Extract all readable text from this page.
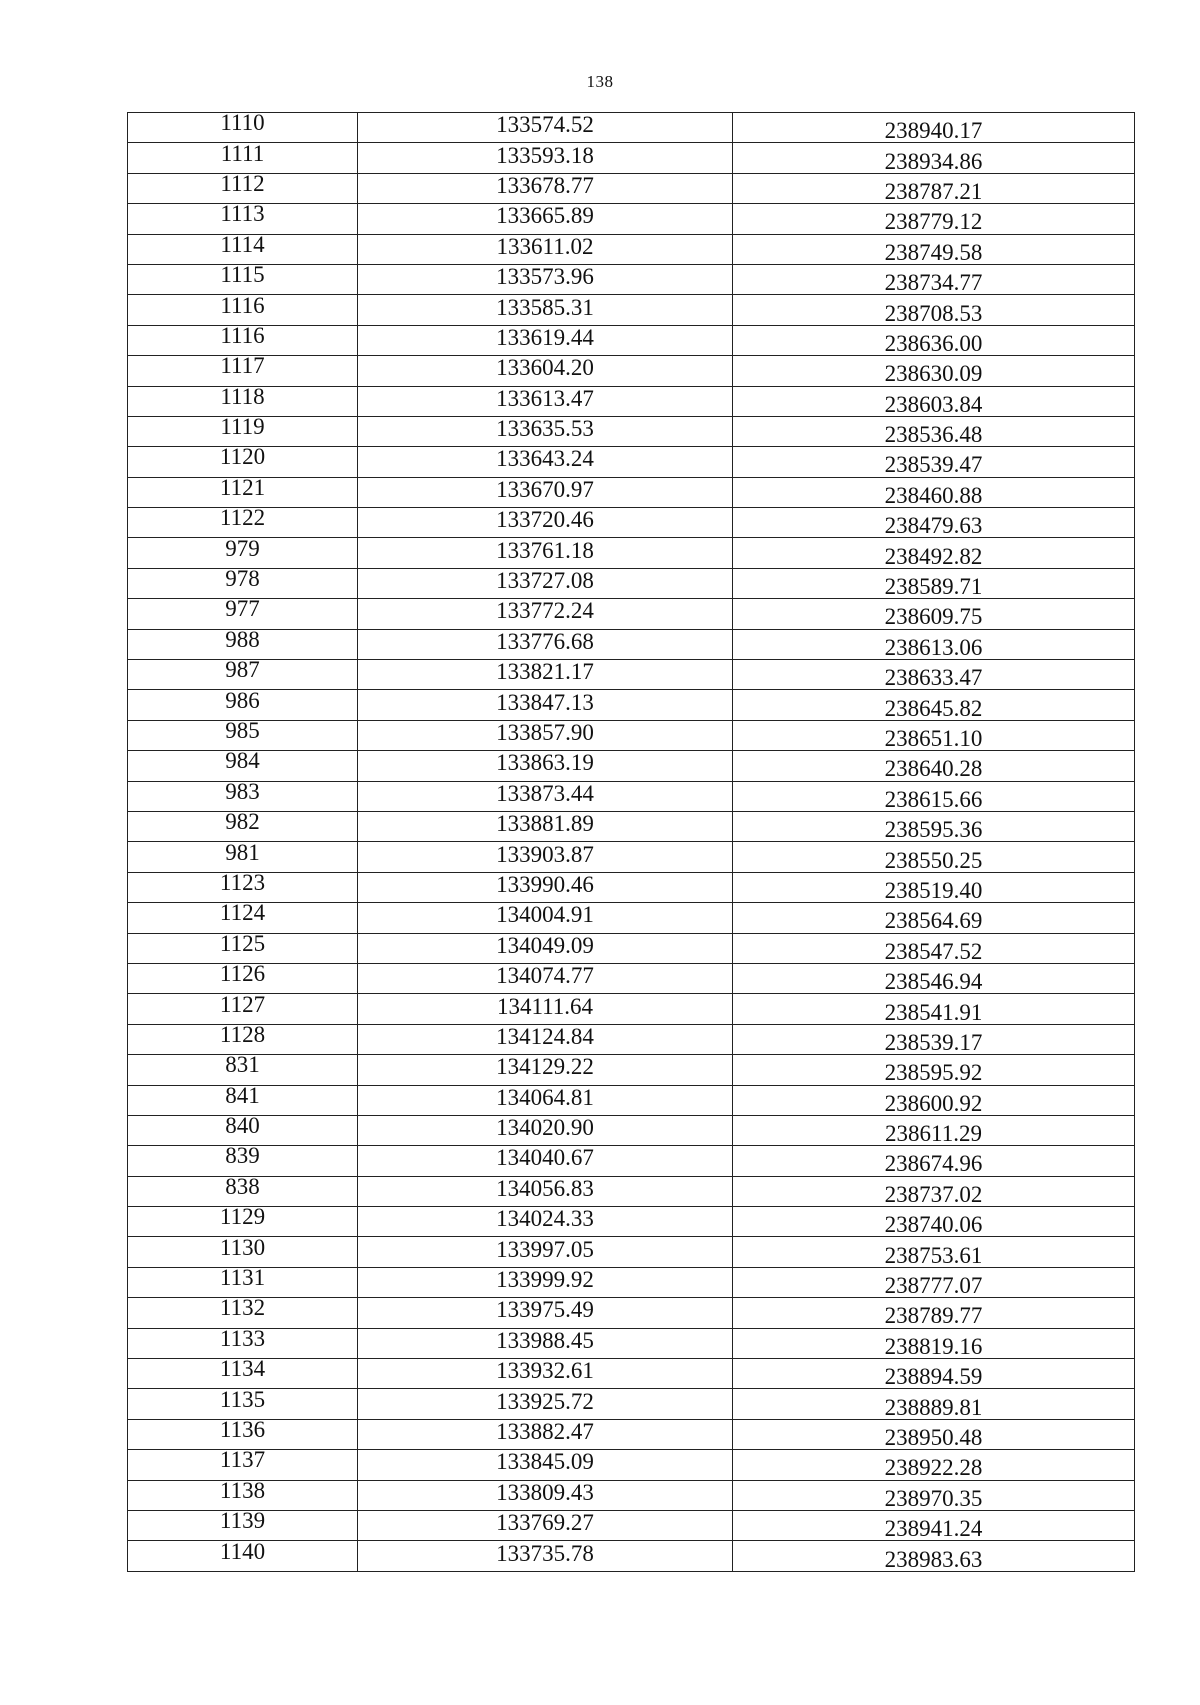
138
1110	133574.52	238940.17
1111	133593.18	238934.86
1112	133678.77	238787.21
1113	133665.89	238779.12
1114	133611.02	238749.58
1115	133573.96	238734.77
1116	133585.31	238708.53
1116	133619.44	238636.00
1117	133604.20	238630.09
1118	133613.47	238603.84
1119	133635.53	238536.48
1120	133643.24	238539.47
1121	133670.97	238460.88
1122	133720.46	238479.63
979	133761.18	238492.82
978	133727.08	238589.71
977	133772.24	238609.75
988	133776.68	238613.06
987	133821.17	238633.47
986	133847.13	238645.82
985	133857.90	238651.10
984	133863.19	238640.28
983	133873.44	238615.66
982	133881.89	238595.36
981	133903.87	238550.25
1123	133990.46	238519.40
1124	134004.91	238564.69
1125	134049.09	238547.52
1126	134074.77	238546.94
1127	134111.64	238541.91
1128	134124.84	238539.17
831	134129.22	238595.92
841	134064.81	238600.92
840	134020.90	238611.29
839	134040.67	238674.96
838	134056.83	238737.02
1129	134024.33	238740.06
1130	133997.05	238753.61
1131	133999.92	238777.07
1132	133975.49	238789.77
1133	133988.45	238819.16
1134	133932.61	238894.59
1135	133925.72	238889.81
1136	133882.47	238950.48
1137	133845.09	238922.28
1138	133809.43	238970.35
1139	133769.27	238941.24
1140	133735.78	238983.63
